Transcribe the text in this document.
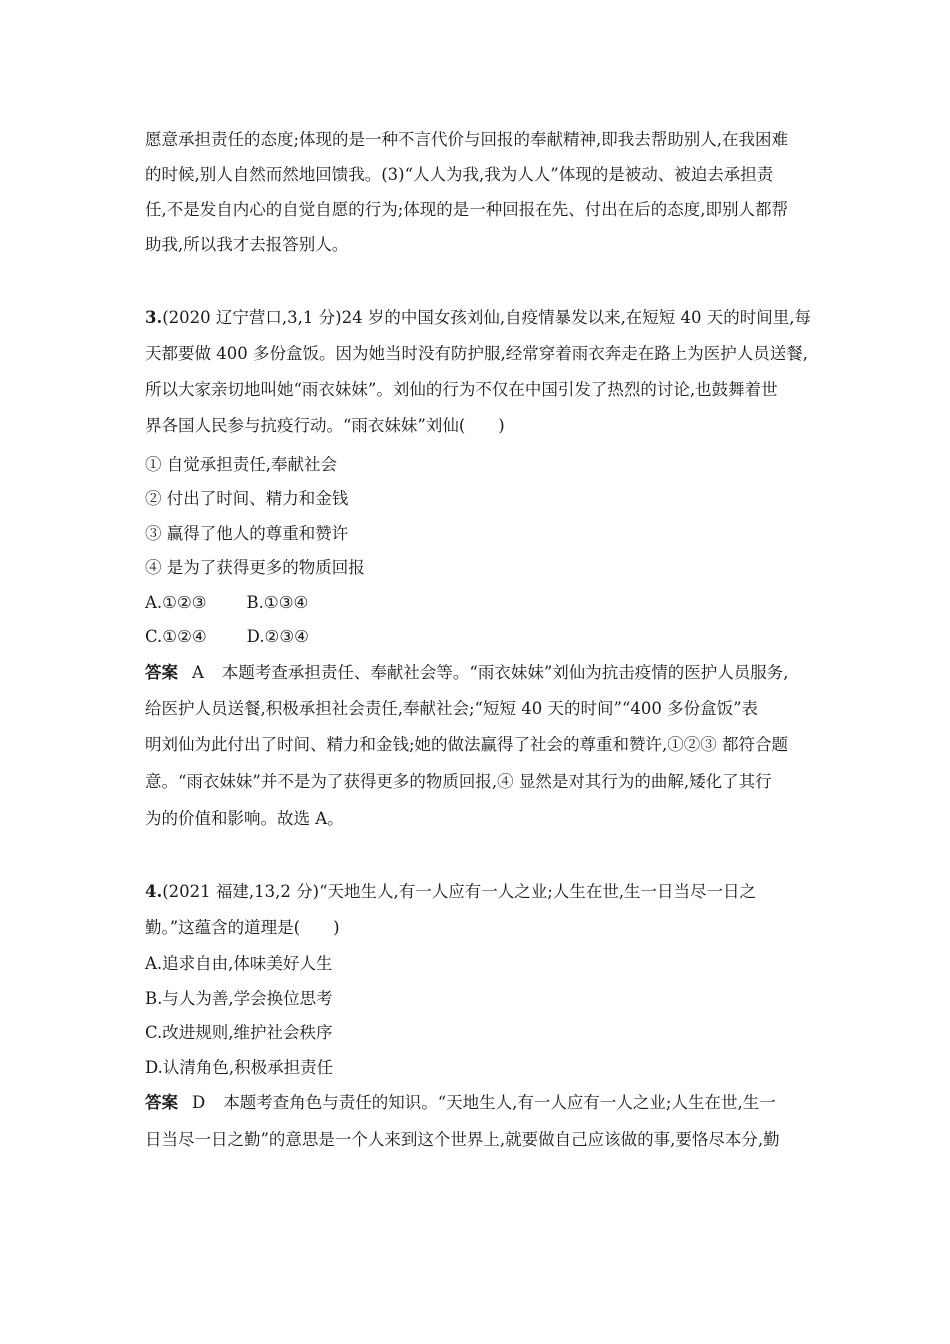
愿意承担责任的态度;体现的是一种不言代价与回报的奉献精神,即我去帮助别人,在我困难
的时候,别人自然而然地回馈我。(3)“人人为我,我为人人”体现的是被动、被迫去承担责
任,不是发自内心的自觉自愿的行为;体现的是一种回报在先、付出在后的态度,即别人都帮
助我,所以我才去报答别人。
3.(2020 辽宁营口,3,1 分)24 岁的中国女孩刘仙,自疫情暴发以来,在短短 40 天的时间里,每
天都要做 400 多份盒饭。因为她当时没有防护服,经常穿着雨衣奔走在路上为医护人员送餐,
所以大家亲切地叫她“雨衣妹妹”。刘仙的行为不仅在中国引发了热烈的讨论,也鼓舞着世
界各国人民参与抗疫行动。“雨衣妹妹”刘仙(　　)
① 自觉承担责任,奉献社会
② 付出了时间、精力和金钱
③ 赢得了他人的尊重和赞许
④ 是为了获得更多的物质回报
A.①②③ B.①③④
C.①②④ D.②③④
答案 A 本题考查承担责任、奉献社会等。“雨衣妹妹”刘仙为抗击疫情的医护人员服务,
给医护人员送餐,积极承担社会责任,奉献社会;“短短 40 天的时间”“400 多份盒饭”表
明刘仙为此付出了时间、精力和金钱;她的做法赢得了社会的尊重和赞许,①②③ 都符合题
意。“雨衣妹妹”并不是为了获得更多的物质回报,④ 显然是对其行为的曲解,矮化了其行
为的价值和影响。故选 A。
4.(2021 福建,13,2 分)“天地生人,有一人应有一人之业;人生在世,生一日当尽一日之
勤。”这蕴含的道理是(　　)
A.追求自由,体味美好人生
B.与人为善,学会换位思考
C.改进规则,维护社会秩序
D.认清角色,积极承担责任
答案 D 本题考查角色与责任的知识。“天地生人,有一人应有一人之业;人生在世,生一
日当尽一日之勤”的意思是一个人来到这个世界上,就要做自己应该做的事,要恪尽本分,勤
